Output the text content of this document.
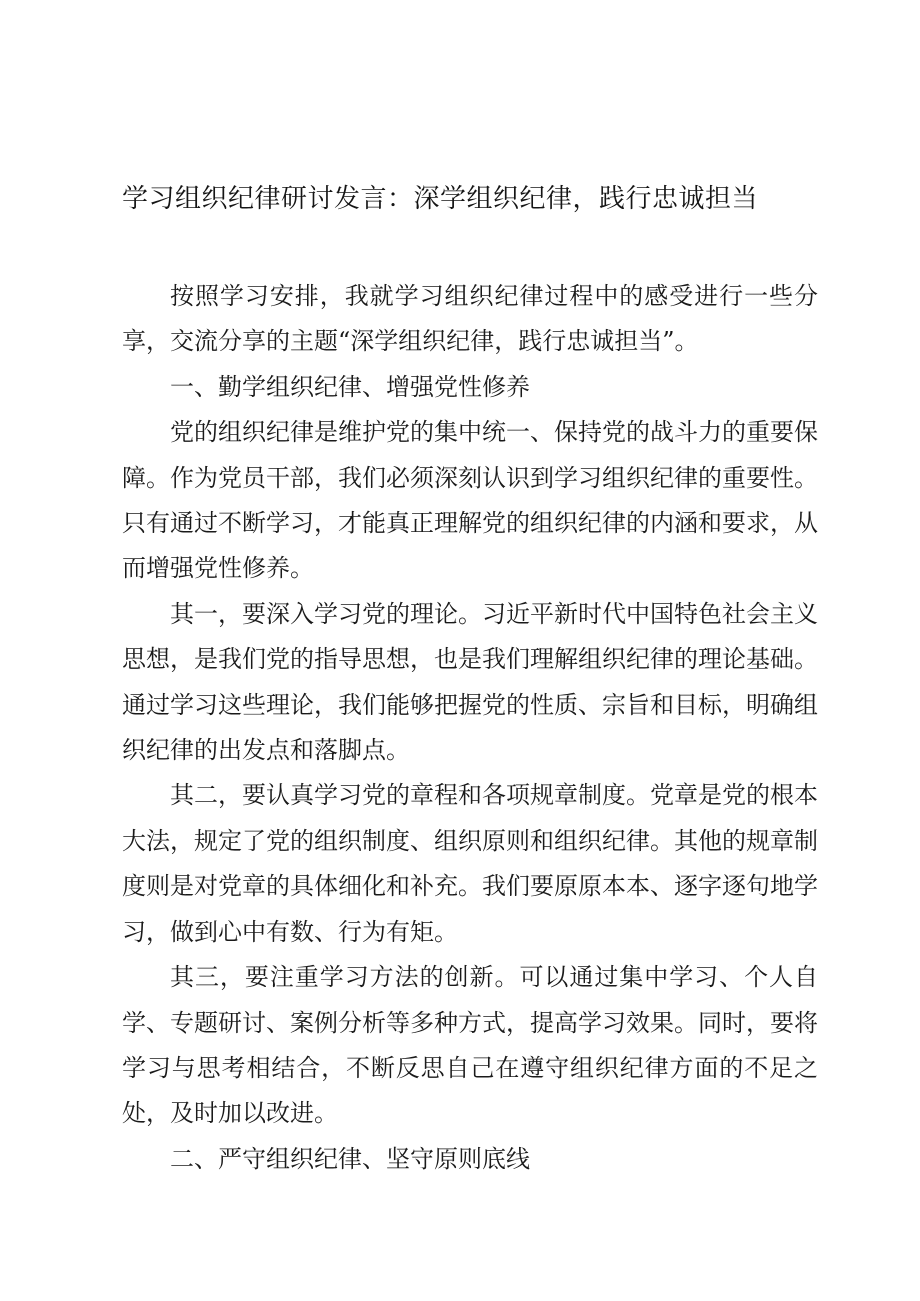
学习组织纪律研讨发言：深学组织纪律，践行忠诚担当

按照学习安排，我就学习组织纪律过程中的感受进行一些分享，交流分享的主题“深学组织纪律，践行忠诚担当”。

一、勤学组织纪律、增强党性修养

党的组织纪律是维护党的集中统一、保持党的战斗力的重要保障。作为党员干部，我们必须深刻认识到学习组织纪律的重要性。只有通过不断学习，才能真正理解党的组织纪律的内涵和要求，从而增强党性修养。

其一，要深入学习党的理论。习近平新时代中国特色社会主义思想，是我们党的指导思想，也是我们理解组织纪律的理论基础。通过学习这些理论，我们能够把握党的性质、宗旨和目标，明确组织纪律的出发点和落脚点。

其二，要认真学习党的章程和各项规章制度。党章是党的根本大法，规定了党的组织制度、组织原则和组织纪律。其他的规章制度则是对党章的具体细化和补充。我们要原原本本、逐字逐句地学习，做到心中有数、行为有矩。

其三，要注重学习方法的创新。可以通过集中学习、个人自学、专题研讨、案例分析等多种方式，提高学习效果。同时，要将学习与思考相结合，不断反思自己在遵守组织纪律方面的不足之处，及时加以改进。

二、严守组织纪律、坚守原则底线
